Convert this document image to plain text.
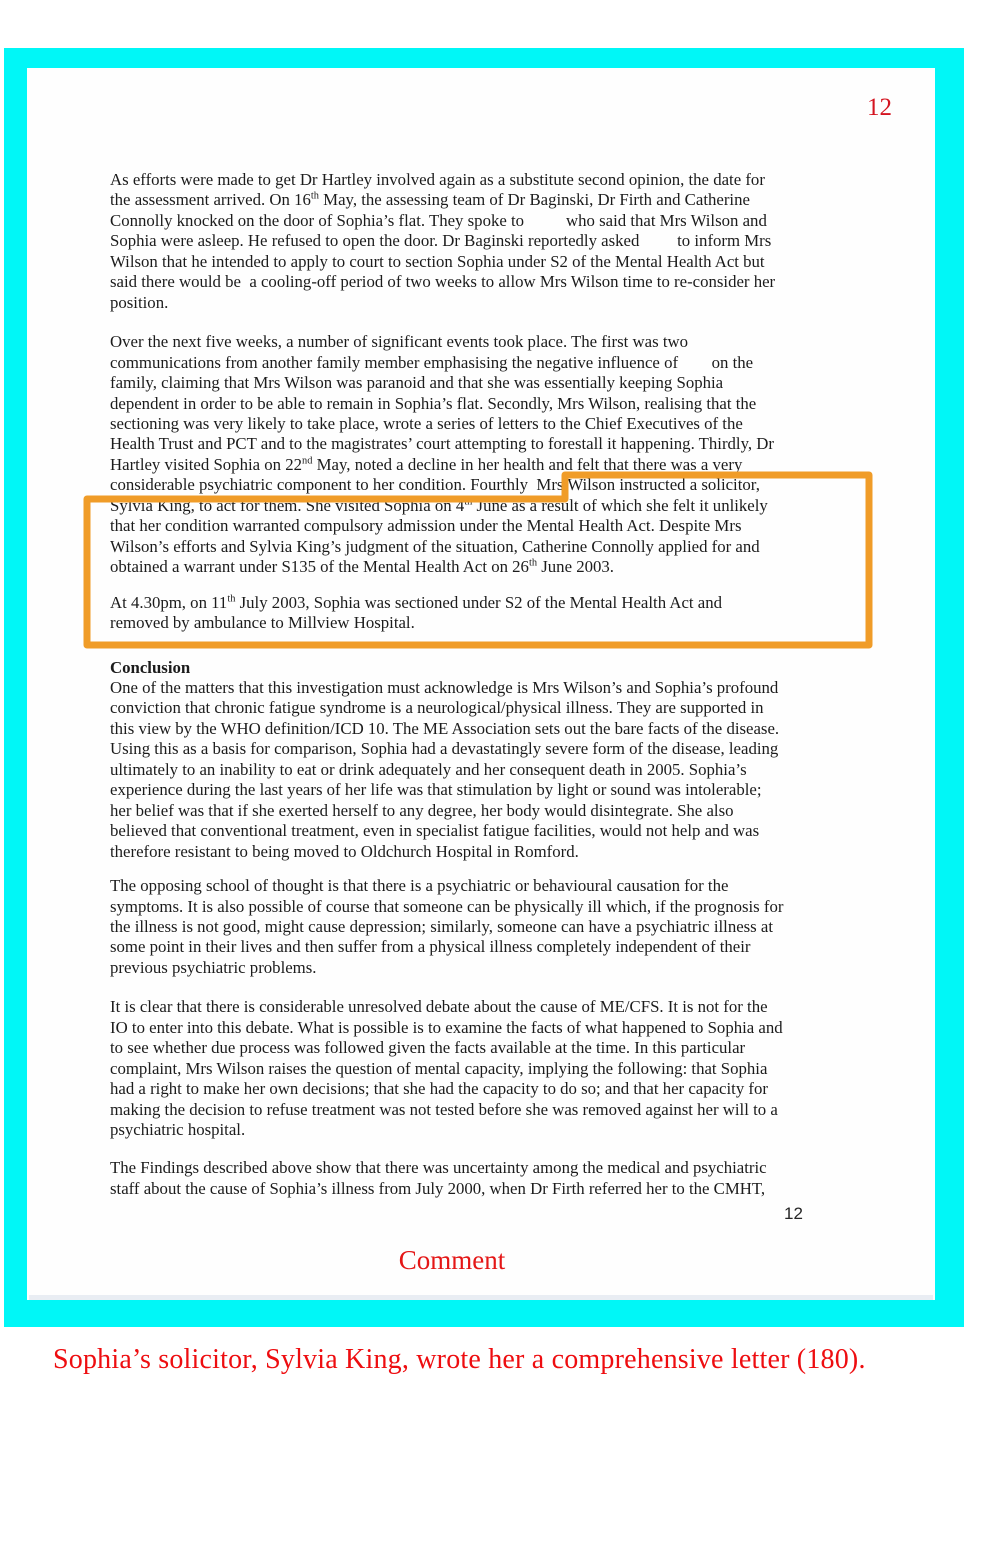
12
As efforts were made to get Dr Hartley involved again as a substitute second opinion, the date for
the assessment arrived. On 16th May, the assessing team of Dr Baginski, Dr Firth and Catherine
Connolly knocked on the door of Sophia’s flat. They spoke to          who said that Mrs Wilson and
Sophia were asleep. He refused to open the door. Dr Baginski reportedly asked         to inform Mrs
Wilson that he intended to apply to court to section Sophia under S2 of the Mental Health Act but
said there would be  a cooling-off period of two weeks to allow Mrs Wilson time to re-consider her
position.
Over the next five weeks, a number of significant events took place. The first was two
communications from another family member emphasising the negative influence of        on the
family, claiming that Mrs Wilson was paranoid and that she was essentially keeping Sophia
dependent in order to be able to remain in Sophia’s flat. Secondly, Mrs Wilson, realising that the
sectioning was very likely to take place, wrote a series of letters to the Chief Executives of the
Health Trust and PCT and to the magistrates’ court attempting to forestall it happening. Thirdly, Dr
Hartley visited Sophia on 22nd May, noted a decline in her health and felt that there was a very
considerable psychiatric component to her condition. Fourthly  Mrs Wilson instructed a solicitor,
Sylvia King, to act for them. She visited Sophia on 4th June as a result of which she felt it unlikely
that her condition warranted compulsory admission under the Mental Health Act. Despite Mrs
Wilson’s efforts and Sylvia King’s judgment of the situation, Catherine Connolly applied for and
obtained a warrant under S135 of the Mental Health Act on 26th June 2003.
At 4.30pm, on 11th July 2003, Sophia was sectioned under S2 of the Mental Health Act and
removed by ambulance to Millview Hospital.
Conclusion
One of the matters that this investigation must acknowledge is Mrs Wilson’s and Sophia’s profound
conviction that chronic fatigue syndrome is a neurological/physical illness. They are supported in
this view by the WHO definition/ICD 10. The ME Association sets out the bare facts of the disease.
Using this as a basis for comparison, Sophia had a devastatingly severe form of the disease, leading
ultimately to an inability to eat or drink adequately and her consequent death in 2005. Sophia’s
experience during the last years of her life was that stimulation by light or sound was intolerable;
her belief was that if she exerted herself to any degree, her body would disintegrate. She also
believed that conventional treatment, even in specialist fatigue facilities, would not help and was
therefore resistant to being moved to Oldchurch Hospital in Romford.
The opposing school of thought is that there is a psychiatric or behavioural causation for the
symptoms. It is also possible of course that someone can be physically ill which, if the prognosis for
the illness is not good, might cause depression; similarly, someone can have a psychiatric illness at
some point in their lives and then suffer from a physical illness completely independent of their
previous psychiatric problems.
It is clear that there is considerable unresolved debate about the cause of ME/CFS. It is not for the
IO to enter into this debate. What is possible is to examine the facts of what happened to Sophia and
to see whether due process was followed given the facts available at the time. In this particular
complaint, Mrs Wilson raises the question of mental capacity, implying the following: that Sophia
had a right to make her own decisions; that she had the capacity to do so; and that her capacity for
making the decision to refuse treatment was not tested before she was removed against her will to a
psychiatric hospital.
The Findings described above show that there was uncertainty among the medical and psychiatric
staff about the cause of Sophia’s illness from July 2000, when Dr Firth referred her to the CMHT,
12
Comment
Sophia’s solicitor, Sylvia King, wrote her a comprehensive letter (180).
